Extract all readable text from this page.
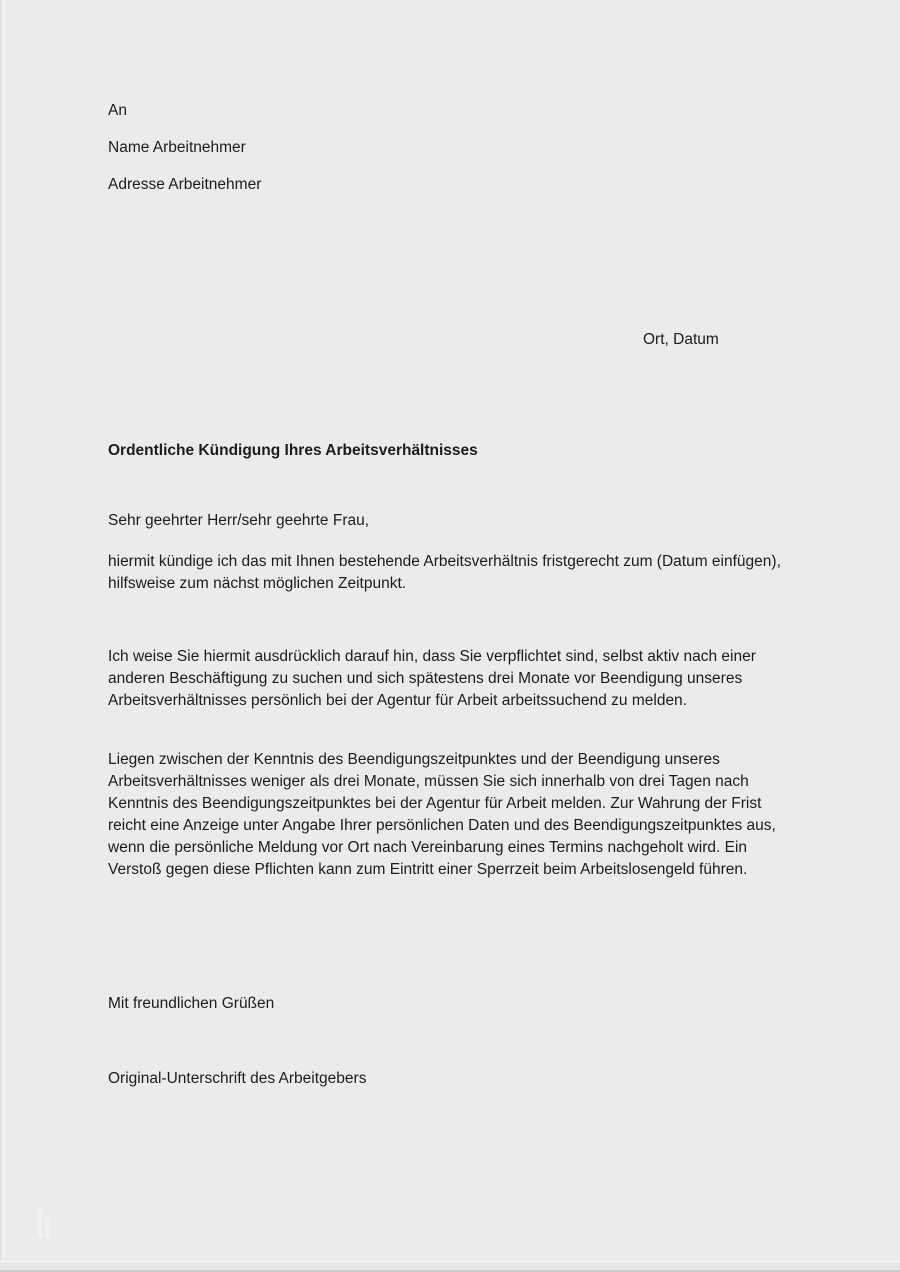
An
Name Arbeitnehmer
Adresse Arbeitnehmer
Ort, Datum
Ordentliche Kündigung Ihres Arbeitsverhältnisses
Sehr geehrter Herr/sehr geehrte Frau,
hiermit kündige ich das mit Ihnen bestehende Arbeitsverhältnis fristgerecht zum (Datum einfügen), hilfsweise zum nächst möglichen Zeitpunkt.
Ich weise Sie hiermit ausdrücklich darauf hin, dass Sie verpflichtet sind, selbst aktiv nach einer anderen Beschäftigung zu suchen und sich spätestens drei Monate vor Beendigung unseres Arbeitsverhältnisses persönlich bei der Agentur für Arbeit arbeitssuchend zu melden.
Liegen zwischen der Kenntnis des Beendigungszeitpunktes und der Beendigung unseres Arbeitsverhältnisses weniger als drei Monate, müssen Sie sich innerhalb von drei Tagen nach Kenntnis des Beendigungszeitpunktes bei der Agentur für Arbeit melden. Zur Wahrung der Frist reicht eine Anzeige unter Angabe Ihrer persönlichen Daten und des Beendigungszeitpunktes aus, wenn die persönliche Meldung vor Ort nach Vereinbarung eines Termins nachgeholt wird. Ein Verstoß gegen diese Pflichten kann zum Eintritt einer Sperrzeit beim Arbeitslosengeld führen.
Mit freundlichen Grüßen
Original-Unterschrift des Arbeitgebers
